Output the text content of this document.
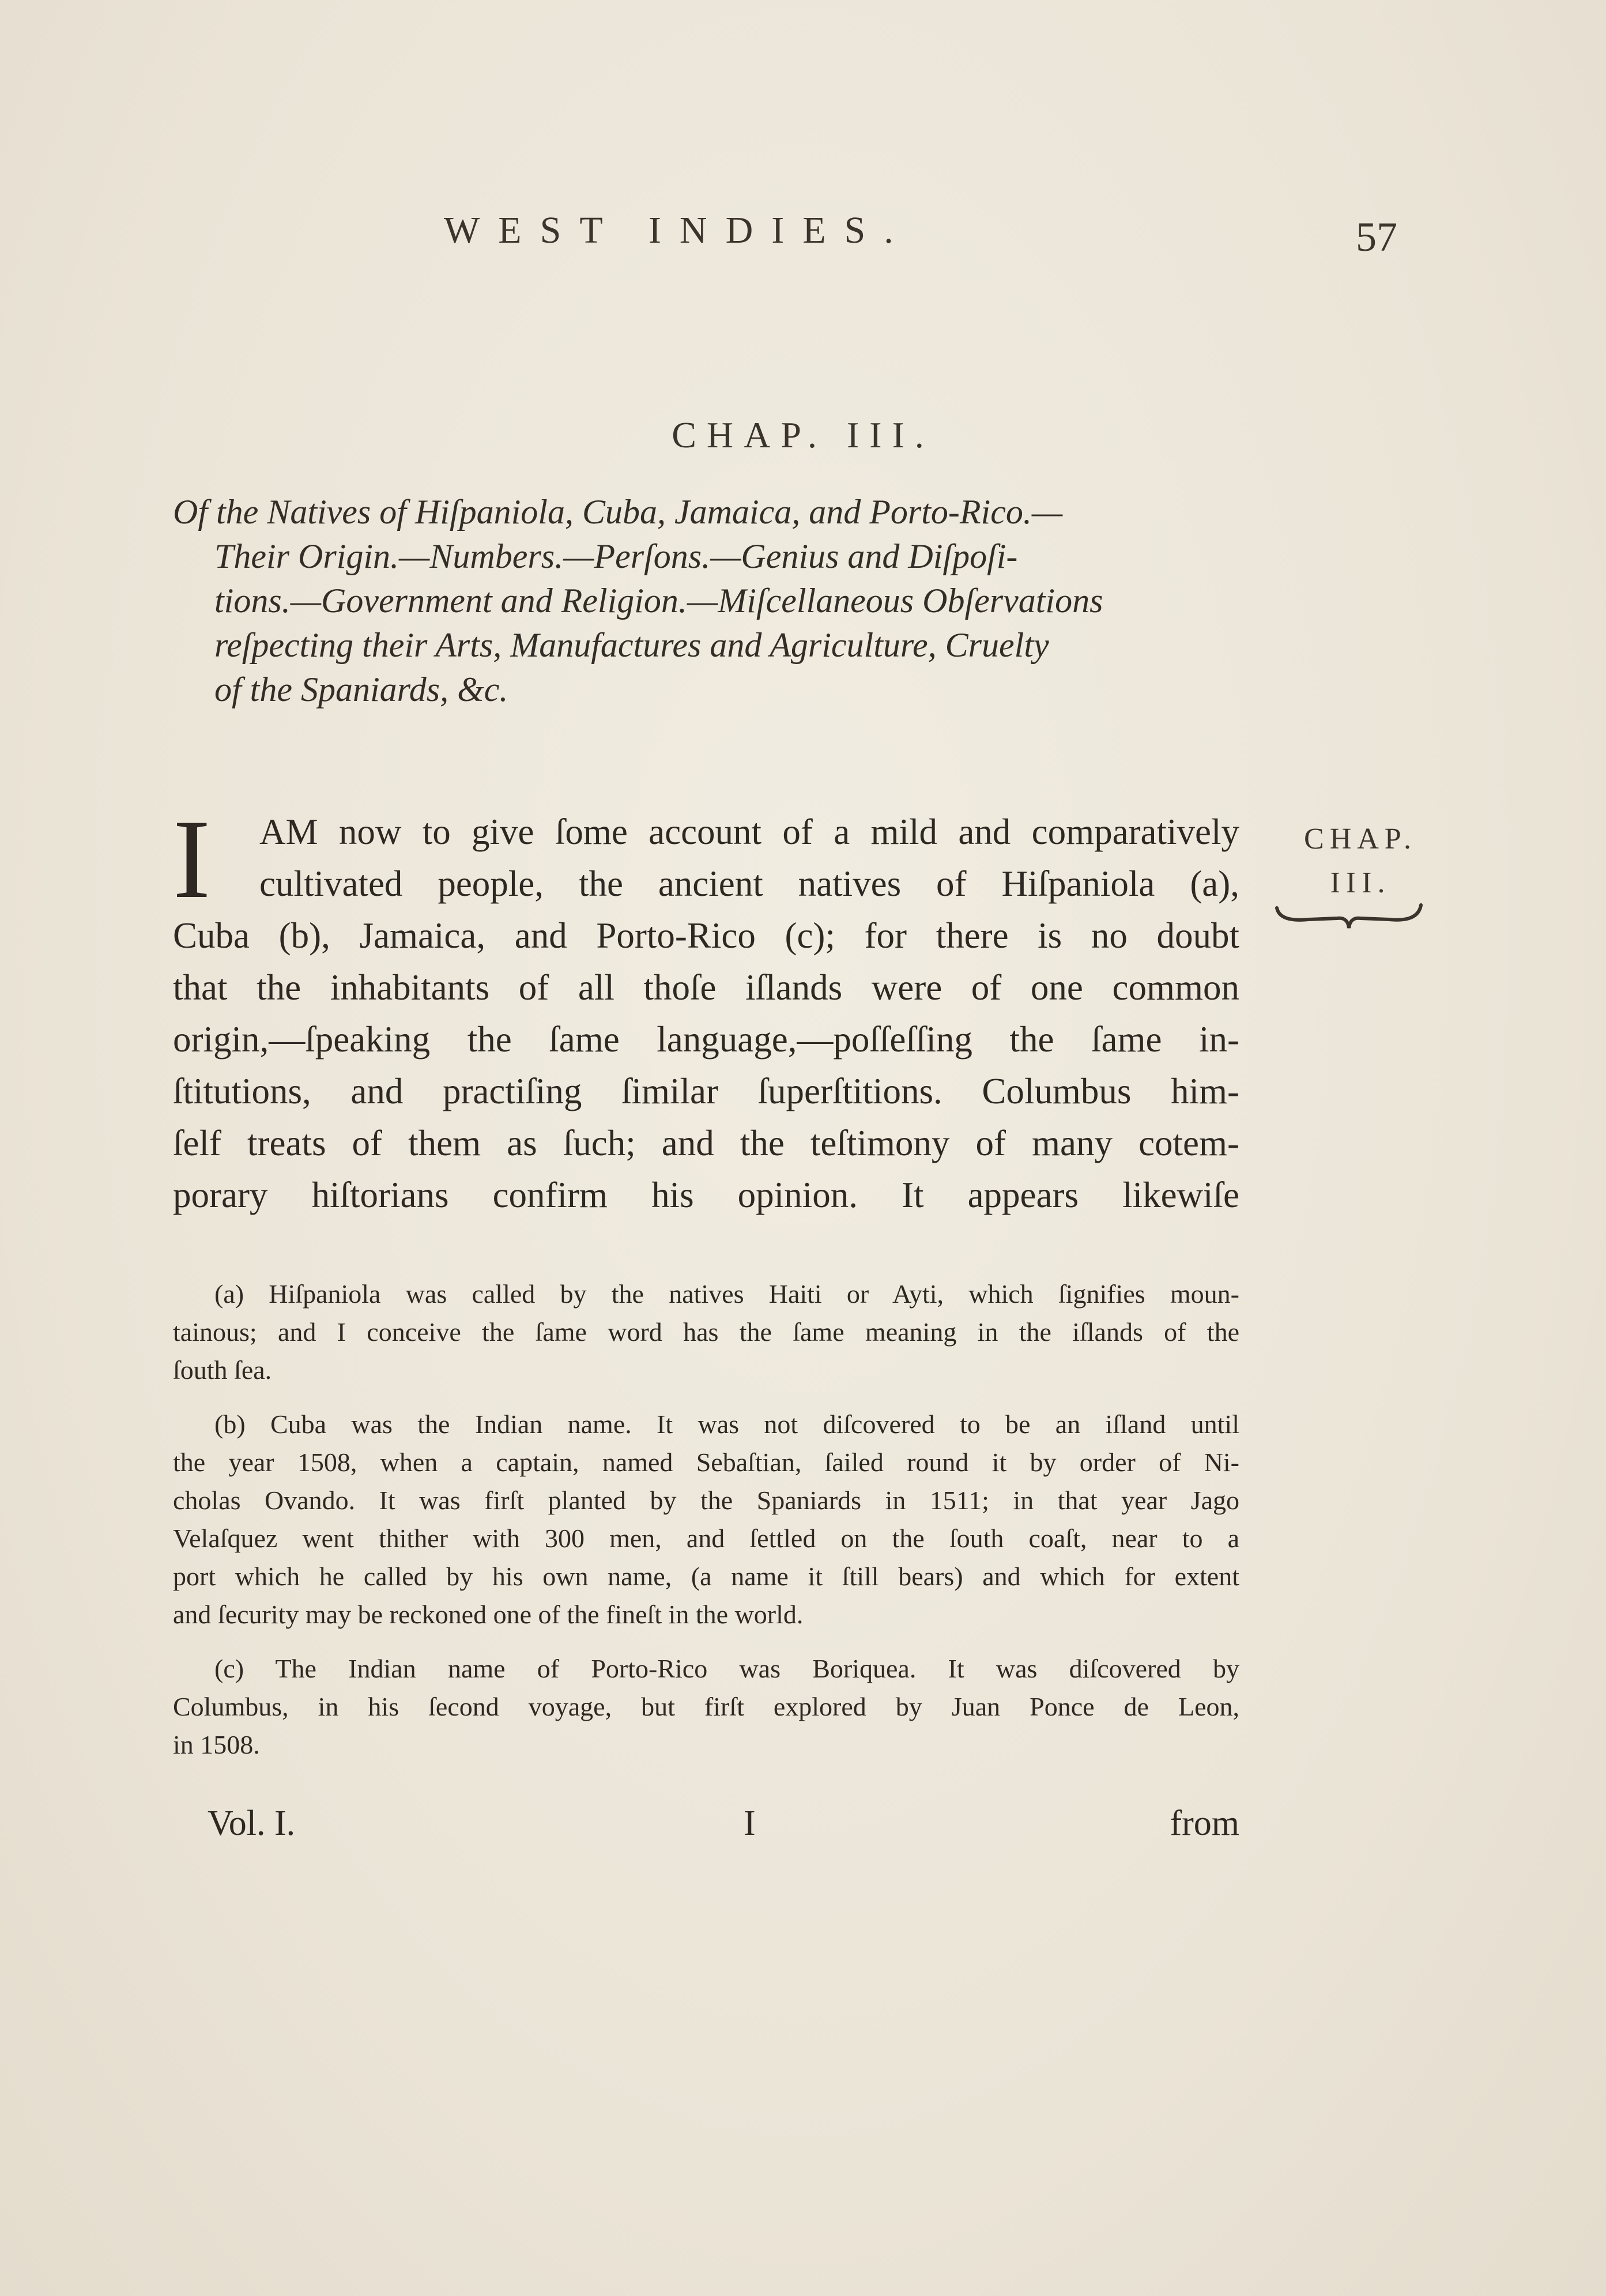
WEST INDIES.	57
CHAP. III.
Of the Natives of Hiſpaniola, Cuba, Jamaica, and Porto-Rico.—
Their Origin.—Numbers.—Perſons.—Genius and Diſpoſi-
tions.—Government and Religion.—Miſcellaneous Obſervations
reſpecting their Arts, Manufactures and Agriculture, Cruelty
of the Spaniards, &c.
I	AM now to give ſome account of a mild and comparatively
cultivated people, the ancient natives of Hiſpaniola (a),
Cuba (b), Jamaica, and Porto-Rico (c); for there is no doubt
that the inhabitants of all thoſe iſlands were of one common
origin,—ſpeaking the ſame language,—poſſeſſing the ſame in-
ſtitutions, and practiſing ſimilar ſuperſtitions. Columbus him-
ſelf treats of them as ſuch; and the teſtimony of many cotem-
porary hiſtorians confirm his opinion. It appears likewiſe
CHAP.
III.
(a) Hiſpaniola was called by the natives Haiti or Ayti, which ſignifies moun-
tainous; and I conceive the ſame word has the ſame meaning in the iſlands of the
ſouth ſea.
(b) Cuba was the Indian name. It was not diſcovered to be an iſland until
the year 1508, when a captain, named Sebaſtian, ſailed round it by order of Ni-
cholas Ovando. It was firſt planted by the Spaniards in 1511; in that year Jago
Velaſquez went thither with 300 men, and ſettled on the ſouth coaſt, near to a
port which he called by his own name, (a name it ſtill bears) and which for extent
and ſecurity may be reckoned one of the fineſt in the world.
(c) The Indian name of Porto-Rico was Boriquea. It was diſcovered by
Columbus, in his ſecond voyage, but firſt explored by Juan Ponce de Leon,
in 1508.
Vol. I.	I	from
